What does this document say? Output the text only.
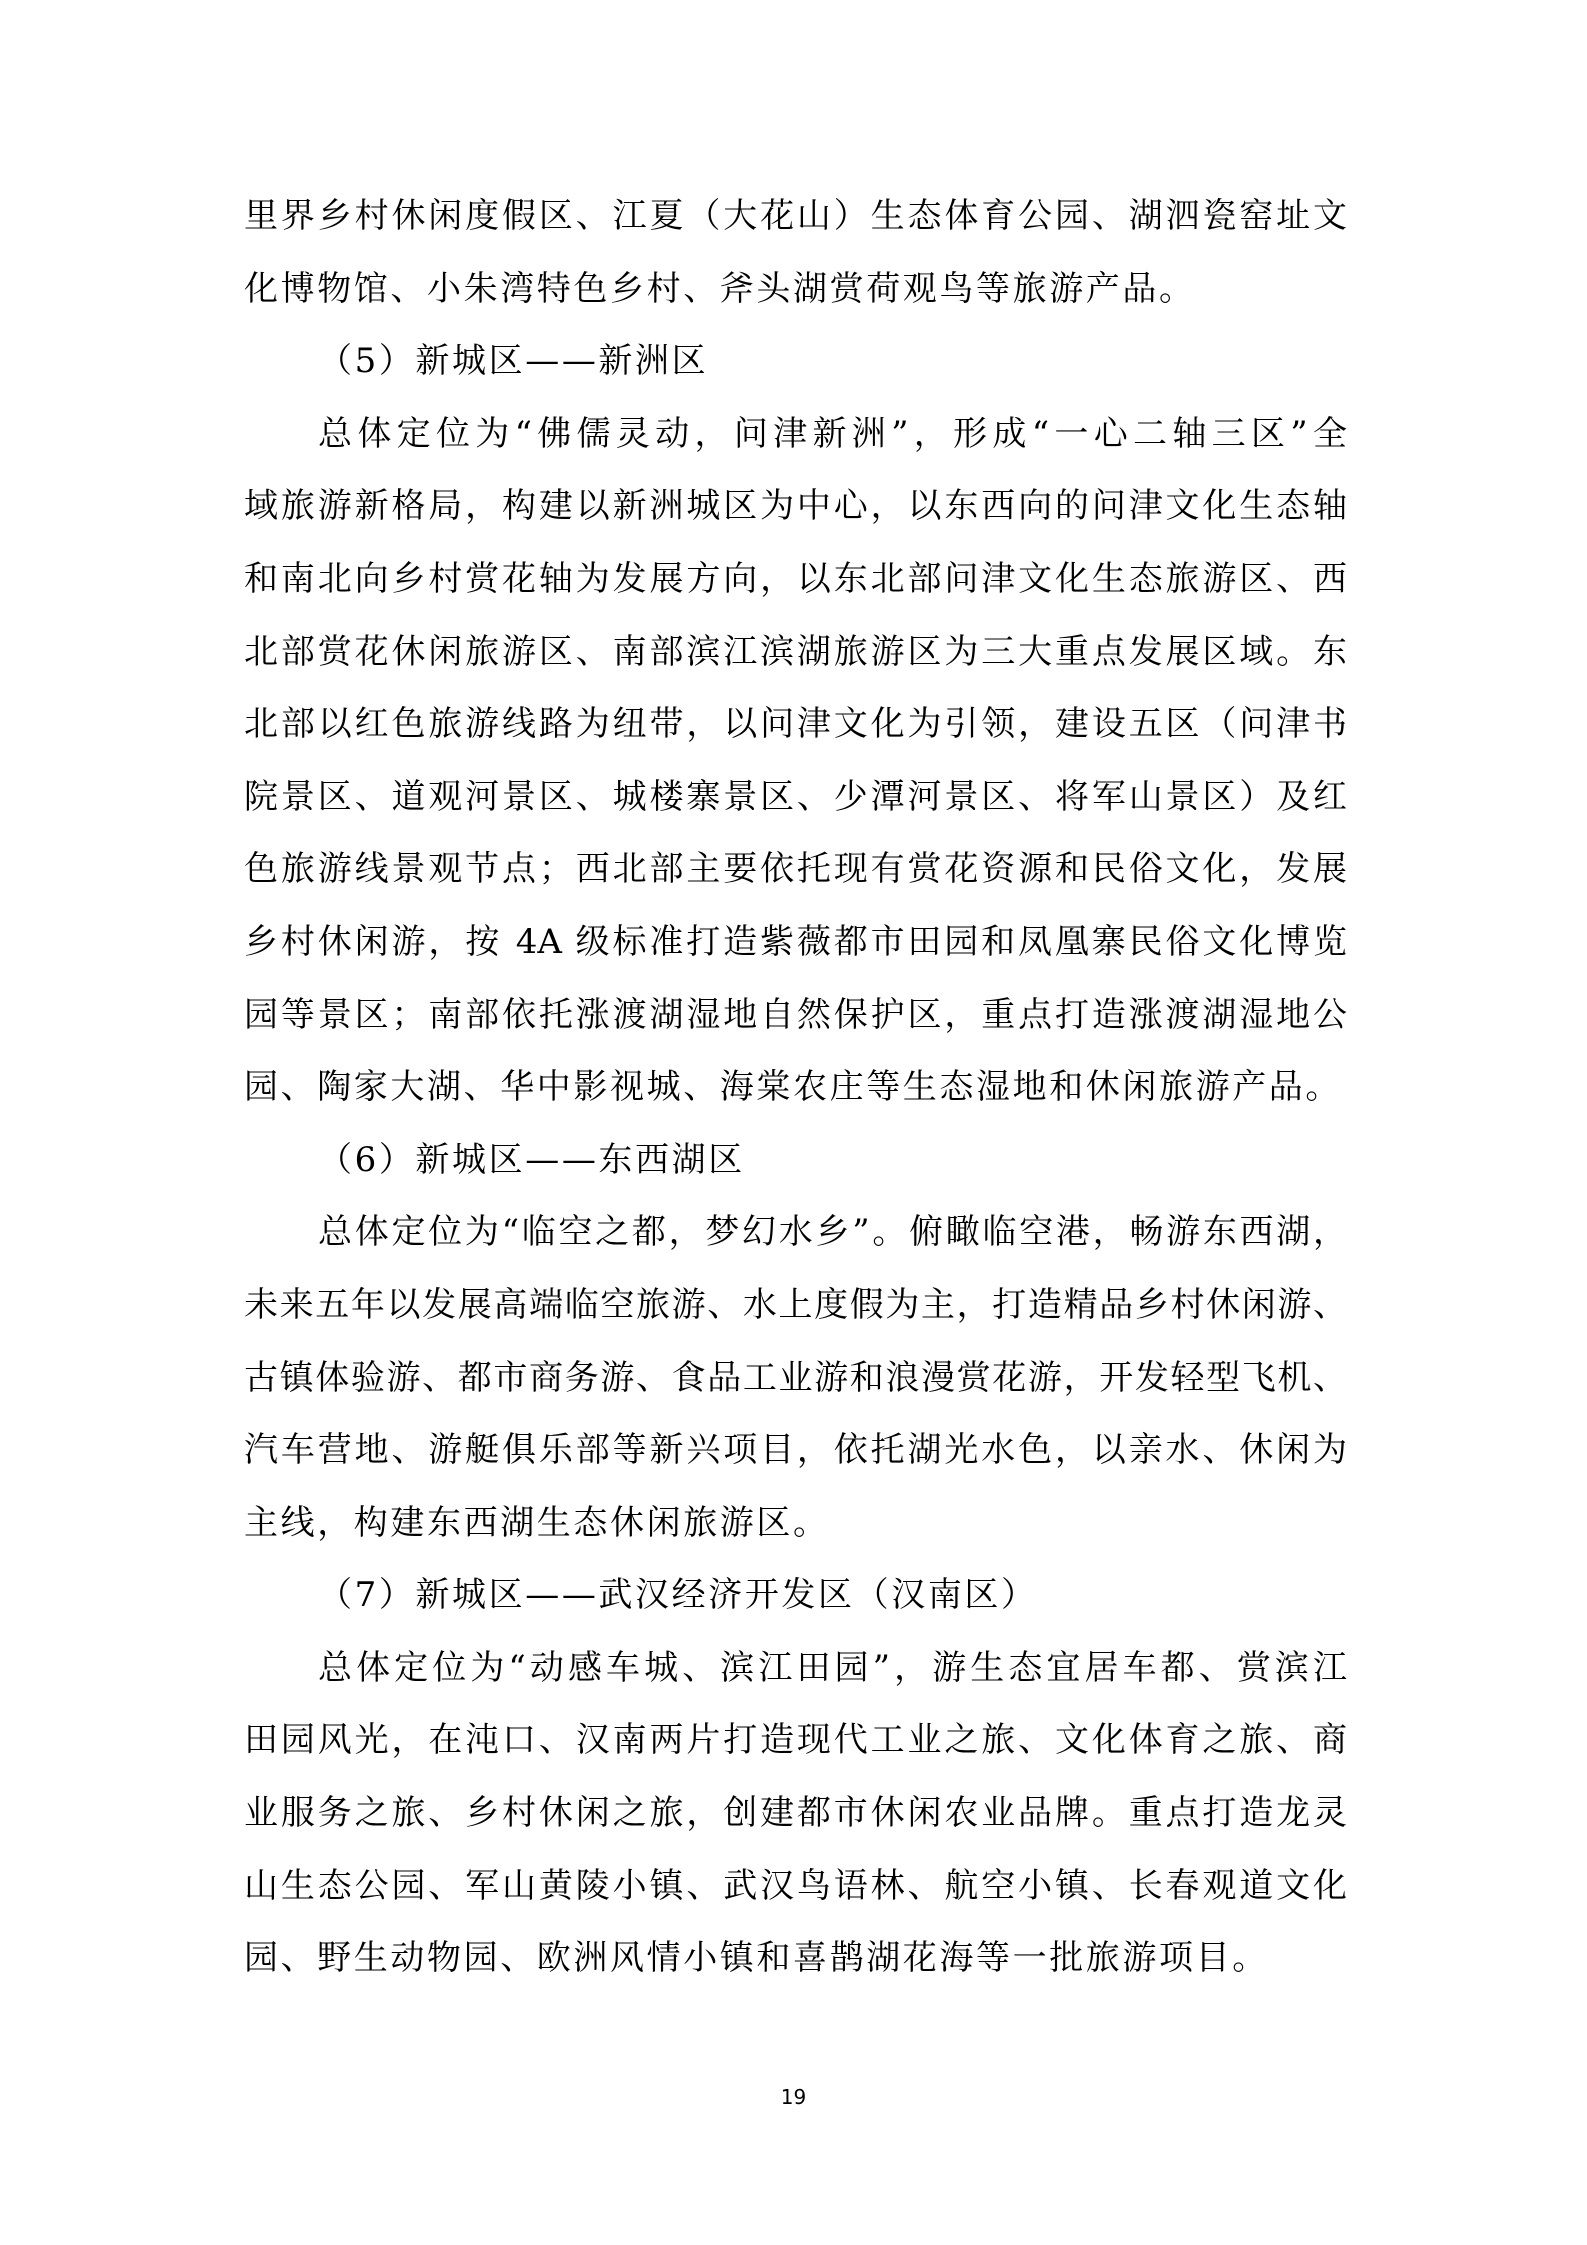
里界乡村休闲度假区、江夏（大花山）生态体育公园、湖泗瓷窑址文
化博物馆、小朱湾特色乡村、斧头湖赏荷观鸟等旅游产品。
（5）新城区——新洲区
总体定位为“佛儒灵动，问津新洲”，形成“一心二轴三区”全
域旅游新格局，构建以新洲城区为中心，以东西向的问津文化生态轴
和南北向乡村赏花轴为发展方向，以东北部问津文化生态旅游区、西
北部赏花休闲旅游区、南部滨江滨湖旅游区为三大重点发展区域。东
北部以红色旅游线路为纽带，以问津文化为引领，建设五区（问津书
院景区、道观河景区、城楼寨景区、少潭河景区、将军山景区）及红
色旅游线景观节点；西北部主要依托现有赏花资源和民俗文化，发展
乡村休闲游，按 4A 级标准打造紫薇都市田园和凤凰寨民俗文化博览
园等景区；南部依托涨渡湖湿地自然保护区，重点打造涨渡湖湿地公
园、陶家大湖、华中影视城、海棠农庄等生态湿地和休闲旅游产品。
（6）新城区——东西湖区
总体定位为“临空之都，梦幻水乡”。俯瞰临空港，畅游东西湖，
未来五年以发展高端临空旅游、水上度假为主，打造精品乡村休闲游、
古镇体验游、都市商务游、食品工业游和浪漫赏花游，开发轻型飞机、
汽车营地、游艇俱乐部等新兴项目，依托湖光水色，以亲水、休闲为
主线，构建东西湖生态休闲旅游区。
（7）新城区——武汉经济开发区（汉南区）
总体定位为“动感车城、滨江田园”，游生态宜居车都、赏滨江
田园风光，在沌口、汉南两片打造现代工业之旅、文化体育之旅、商
业服务之旅、乡村休闲之旅，创建都市休闲农业品牌。重点打造龙灵
山生态公园、军山黄陵小镇、武汉鸟语林、航空小镇、长春观道文化
园、野生动物园、欧洲风情小镇和喜鹊湖花海等一批旅游项目。
19
